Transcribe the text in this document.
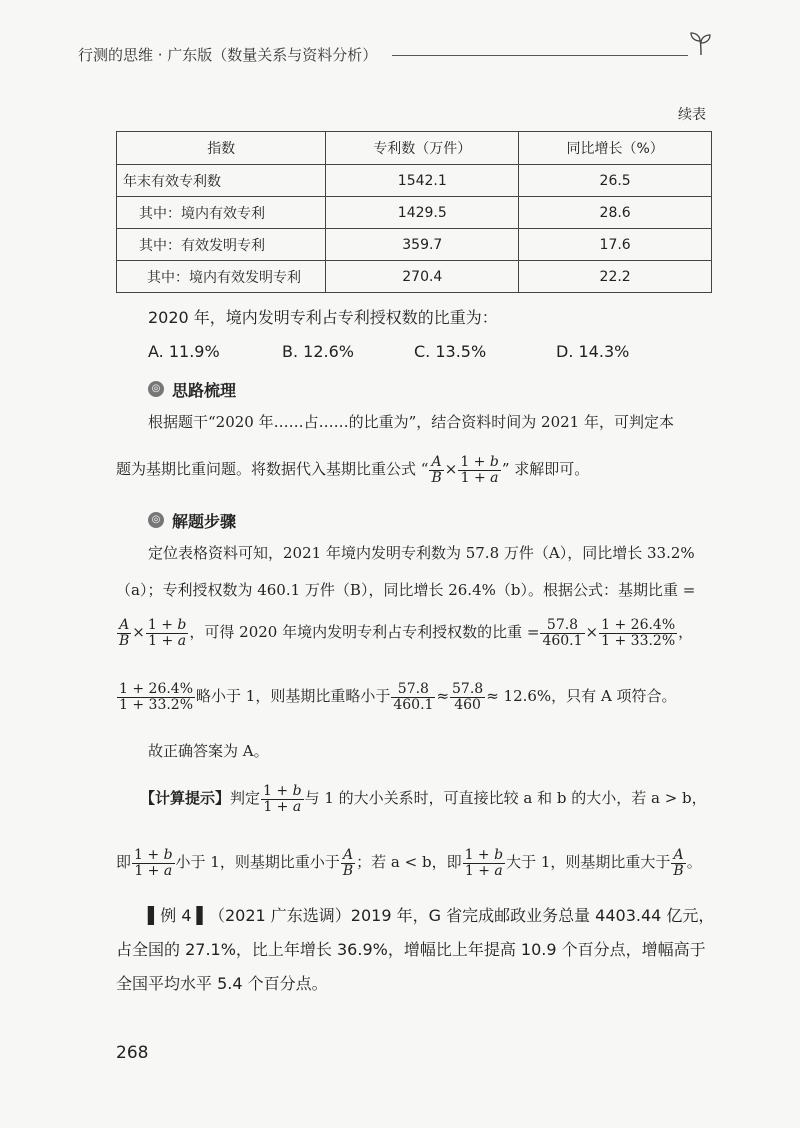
行测的思维 · 广东版（数量关系与资料分析）
续表
指数	专利数（万件）	同比增长（%）
年末有效专利数	1542.1	26.5
其中：境内有效专利	1429.5	28.6
其中：有效发明专利	359.7	17.6
其中：境内有效发明专利	270.4	22.2
2020 年，境内发明专利占专利授权数的比重为：
A. 11.9%	B. 12.6%	C. 13.5%	D. 14.3%
◎ 思路梳理
根据题干“2020 年……占……的比重为”，结合资料时间为 2021 年，可判定本
题为基期比重问题。将数据代入基期比重公式 “ $\frac{A}{B} \times \frac{1 + b}{1 + a}$ ” 求解即可。
◎ 解题步骤
定位表格资料可知，2021 年境内发明专利数为 57.8 万件（A），同比增长 33.2%
（a）；专利授权数为 460.1 万件（B），同比增长 26.4%（b）。根据公式：基期比重 =
$\frac{A}{B} \times \frac{1 + b}{1 + a}$ ，可得 2020 年境内发明专利占专利授权数的比重 = $\frac{57.8}{460.1} \times \frac{1 + 26.4\%}{1 + 33.2\%}$ ，
$\frac{1 + 26.4\%}{1 + 33.2\%}$ 略小于 1，则基期比重略小于 $\frac{57.8}{460.1} \approx \frac{57.8}{460} \approx 12.6\%$，只有 A 项符合。
故正确答案为 A。
【计算提示】判定 $\frac{1 + b}{1 + a}$ 与 1 的大小关系时，可直接比较 a 和 b 的大小，若 a > b，
即 $\frac{1 + b}{1 + a}$ 小于 1，则基期比重小于 $\frac{A}{B}$ ；若 a < b，即 $\frac{1 + b}{1 + a}$ 大于 1，则基期比重大于 $\frac{A}{B}$ 。
▌例 4 ▌（2021 广东选调）2019 年，G 省完成邮政业务总量 4403.44 亿元，
占全国的 27.1%，比上年增长 36.9%，增幅比上年提高 10.9 个百分点，增幅高于
全国平均水平 5.4 个百分点。
268
